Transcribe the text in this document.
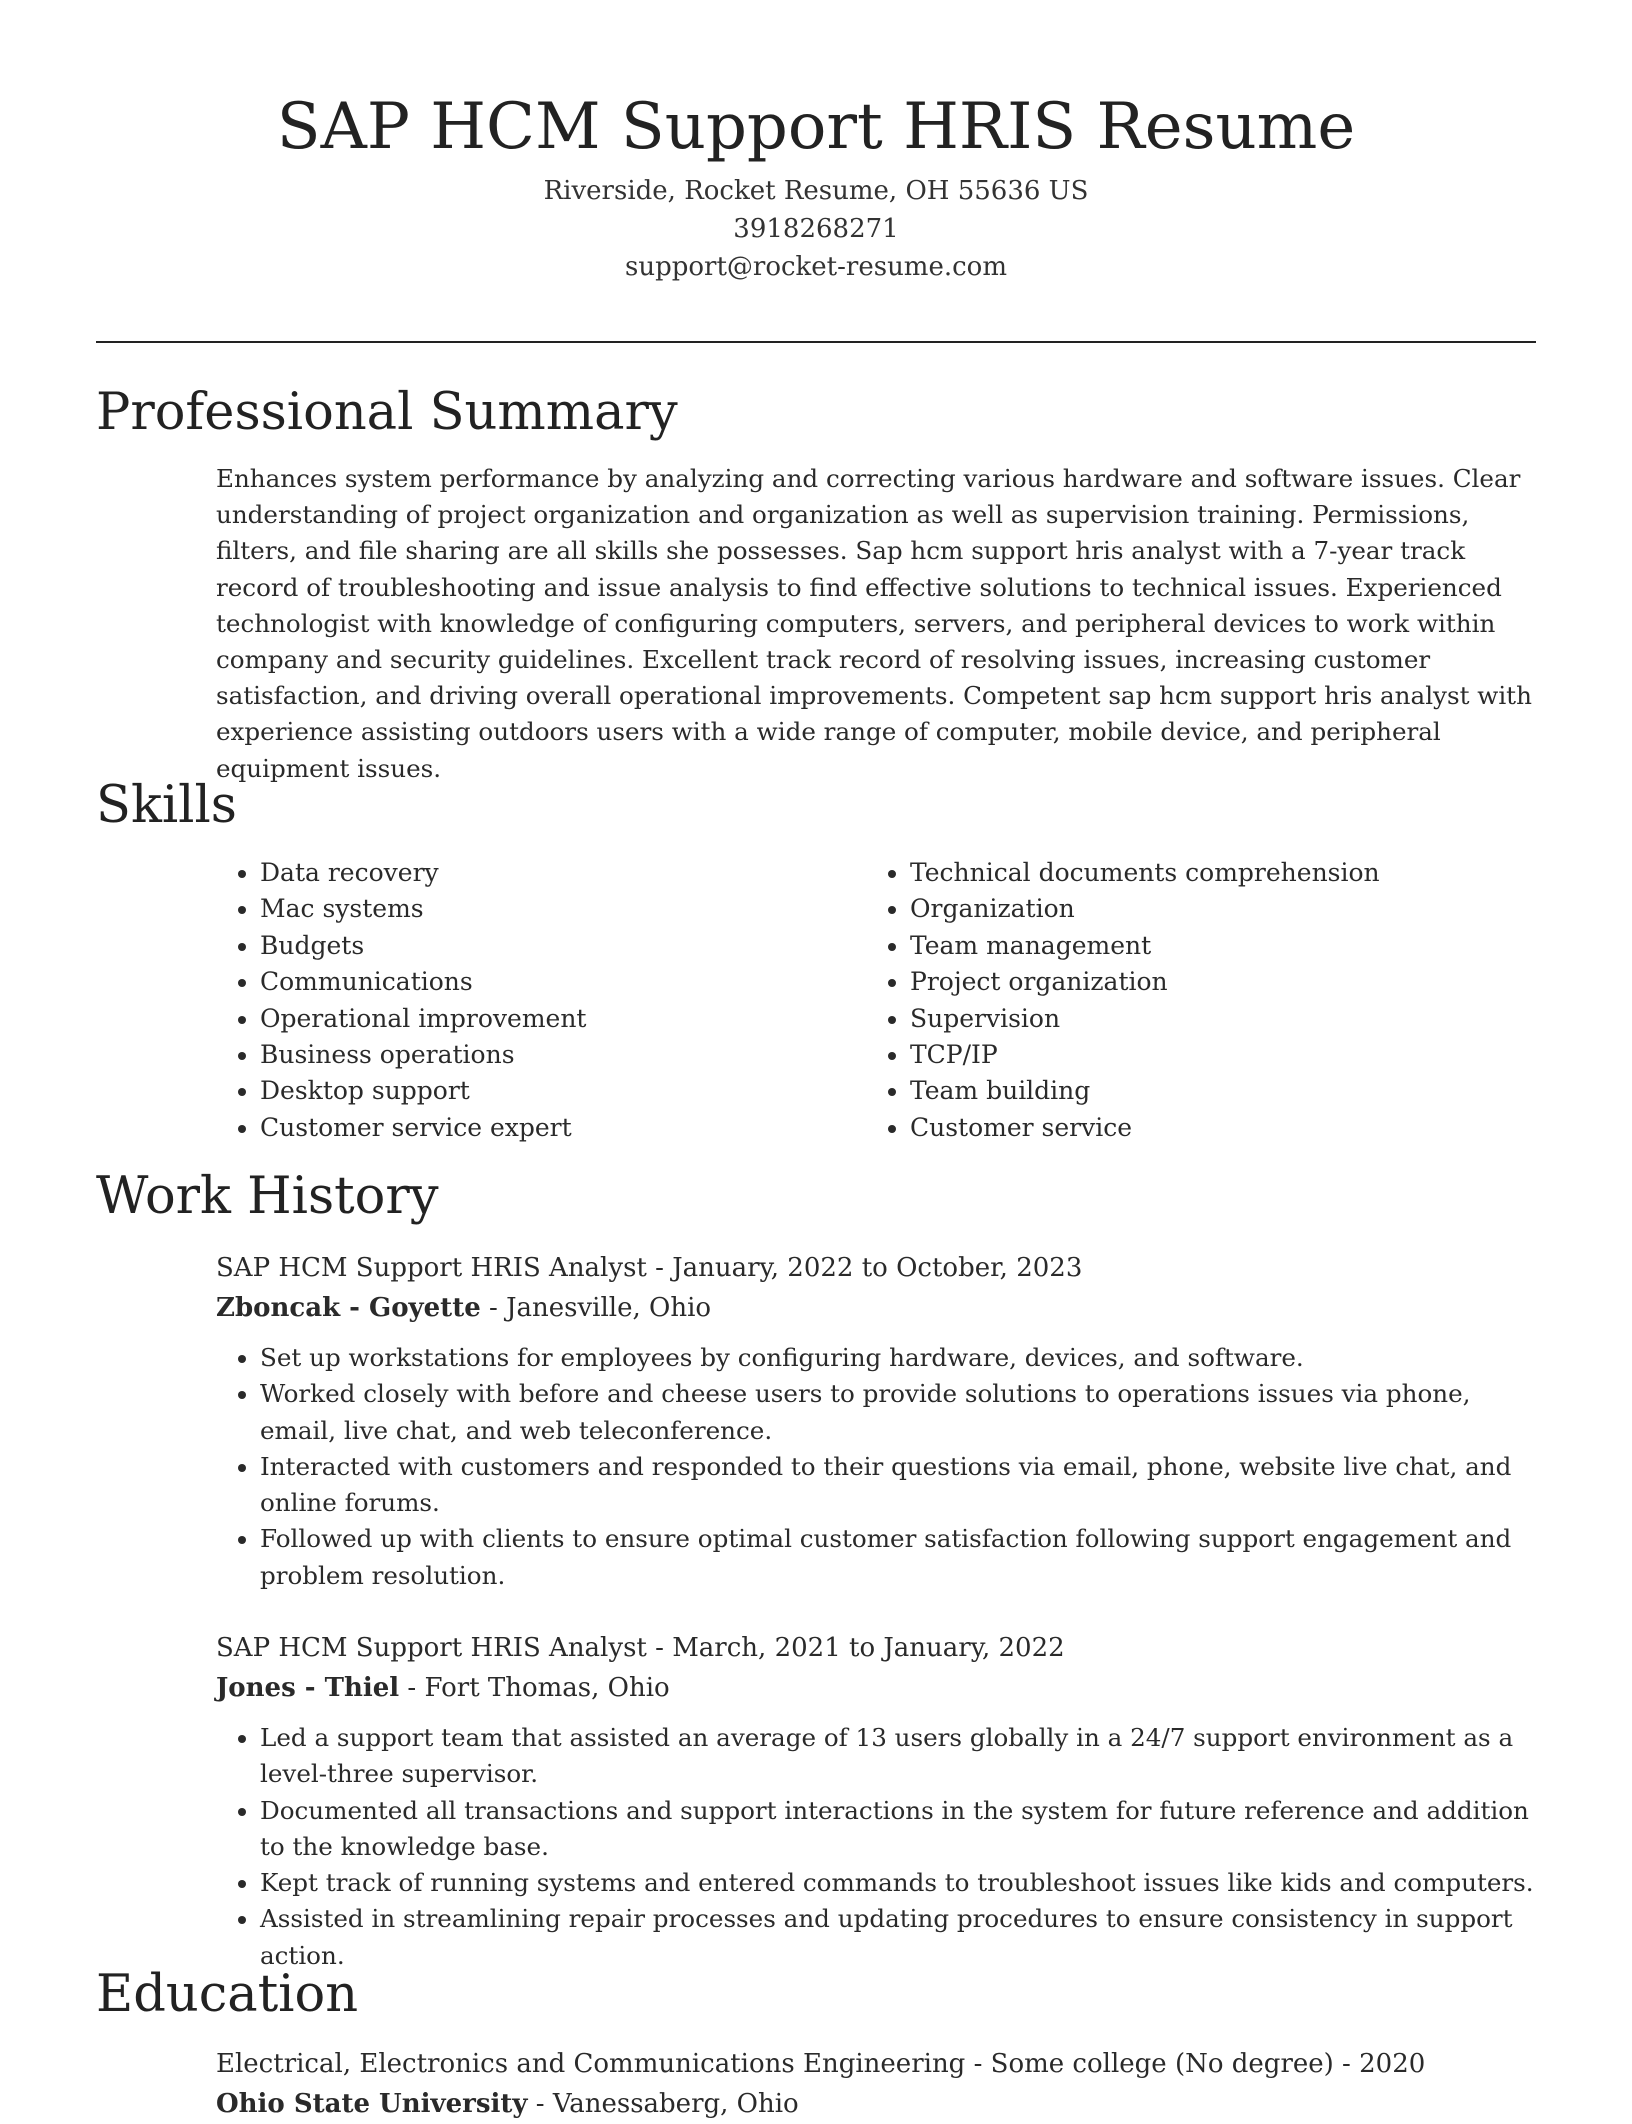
SAP HCM Support HRIS Resume
Riverside, Rocket Resume, OH 55636 US
3918268271
support@rocket-resume.com
Professional Summary

Enhances system performance by analyzing and correcting various hardware and software issues. Clear understanding of project organization and organization as well as supervision training. Permissions, filters, and file sharing are all skills she possesses. Sap hcm support hris analyst with a 7-year track record of troubleshooting and issue analysis to find effective solutions to technical issues. Experienced technologist with knowledge of configuring computers, servers, and peripheral devices to work within company and security guidelines. Excellent track record of resolving issues, increasing customer satisfaction, and driving overall operational improvements. Competent sap hcm support hris analyst with experience assisting outdoors users with a wide range of computer, mobile device, and peripheral equipment issues.

Skills
• Data recovery
• Mac systems
• Budgets
• Communications
• Operational improvement
• Business operations
• Desktop support
• Customer service expert
• Technical documents comprehension
• Organization
• Team management
• Project organization
• Supervision
• TCP/IP
• Team building
• Customer service
Work History
SAP HCM Support HRIS Analyst - January, 2022 to October, 2023
Zboncak - Goyette - Janesville, Ohio
• Set up workstations for employees by configuring hardware, devices, and software.
• Worked closely with before and cheese users to provide solutions to operations issues via phone, email, live chat, and web teleconference.
• Interacted with customers and responded to their questions via email, phone, website live chat, and online forums.
• Followed up with clients to ensure optimal customer satisfaction following support engagement and problem resolution.
SAP HCM Support HRIS Analyst - March, 2021 to January, 2022
Jones - Thiel - Fort Thomas, Ohio
• Led a support team that assisted an average of 13 users globally in a 24/7 support environment as a level-three supervisor.
• Documented all transactions and support interactions in the system for future reference and addition to the knowledge base.
• Kept track of running systems and entered commands to troubleshoot issues like kids and computers.
• Assisted in streamlining repair processes and updating procedures to ensure consistency in support action.
Education
Electrical, Electronics and Communications Engineering - Some college (No degree) - 2020
Ohio State University - Vanessaberg, Ohio
